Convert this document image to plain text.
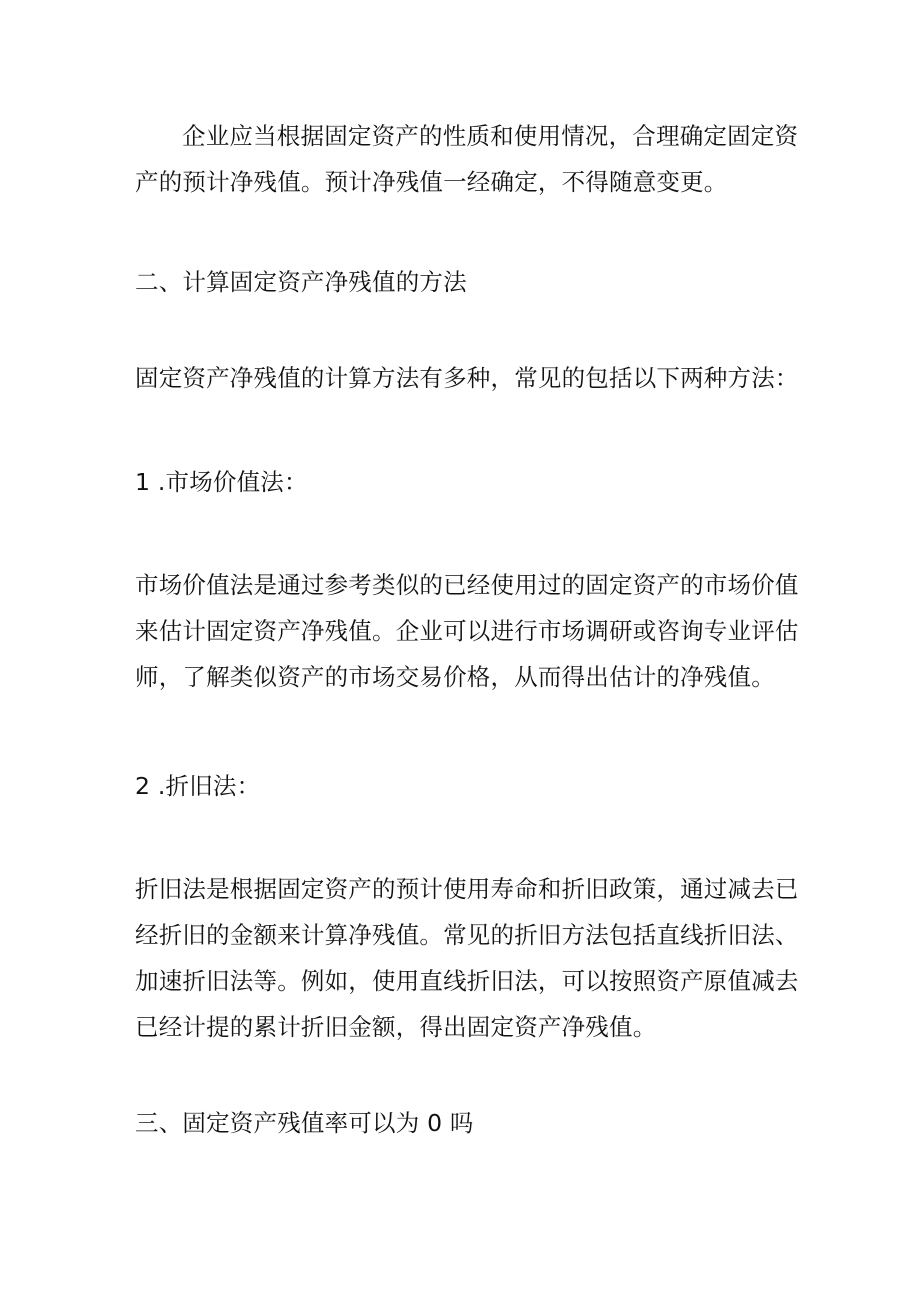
企业应当根据固定资产的性质和使用情况，合理确定固定资
产的预计净残值。预计净残值一经确定，不得随意变更。
二、计算固定资产净残值的方法
固定资产净残值的计算方法有多种，常见的包括以下两种方法：
1 .市场价值法：
市场价值法是通过参考类似的已经使用过的固定资产的市场价值
来估计固定资产净残值。企业可以进行市场调研或咨询专业评估
师，了解类似资产的市场交易价格，从而得出估计的净残值。
2 .折旧法：
折旧法是根据固定资产的预计使用寿命和折旧政策，通过减去已
经折旧的金额来计算净残值。常见的折旧方法包括直线折旧法、
加速折旧法等。例如，使用直线折旧法，可以按照资产原值减去
已经计提的累计折旧金额，得出固定资产净残值。
三、固定资产残值率可以为 0 吗
